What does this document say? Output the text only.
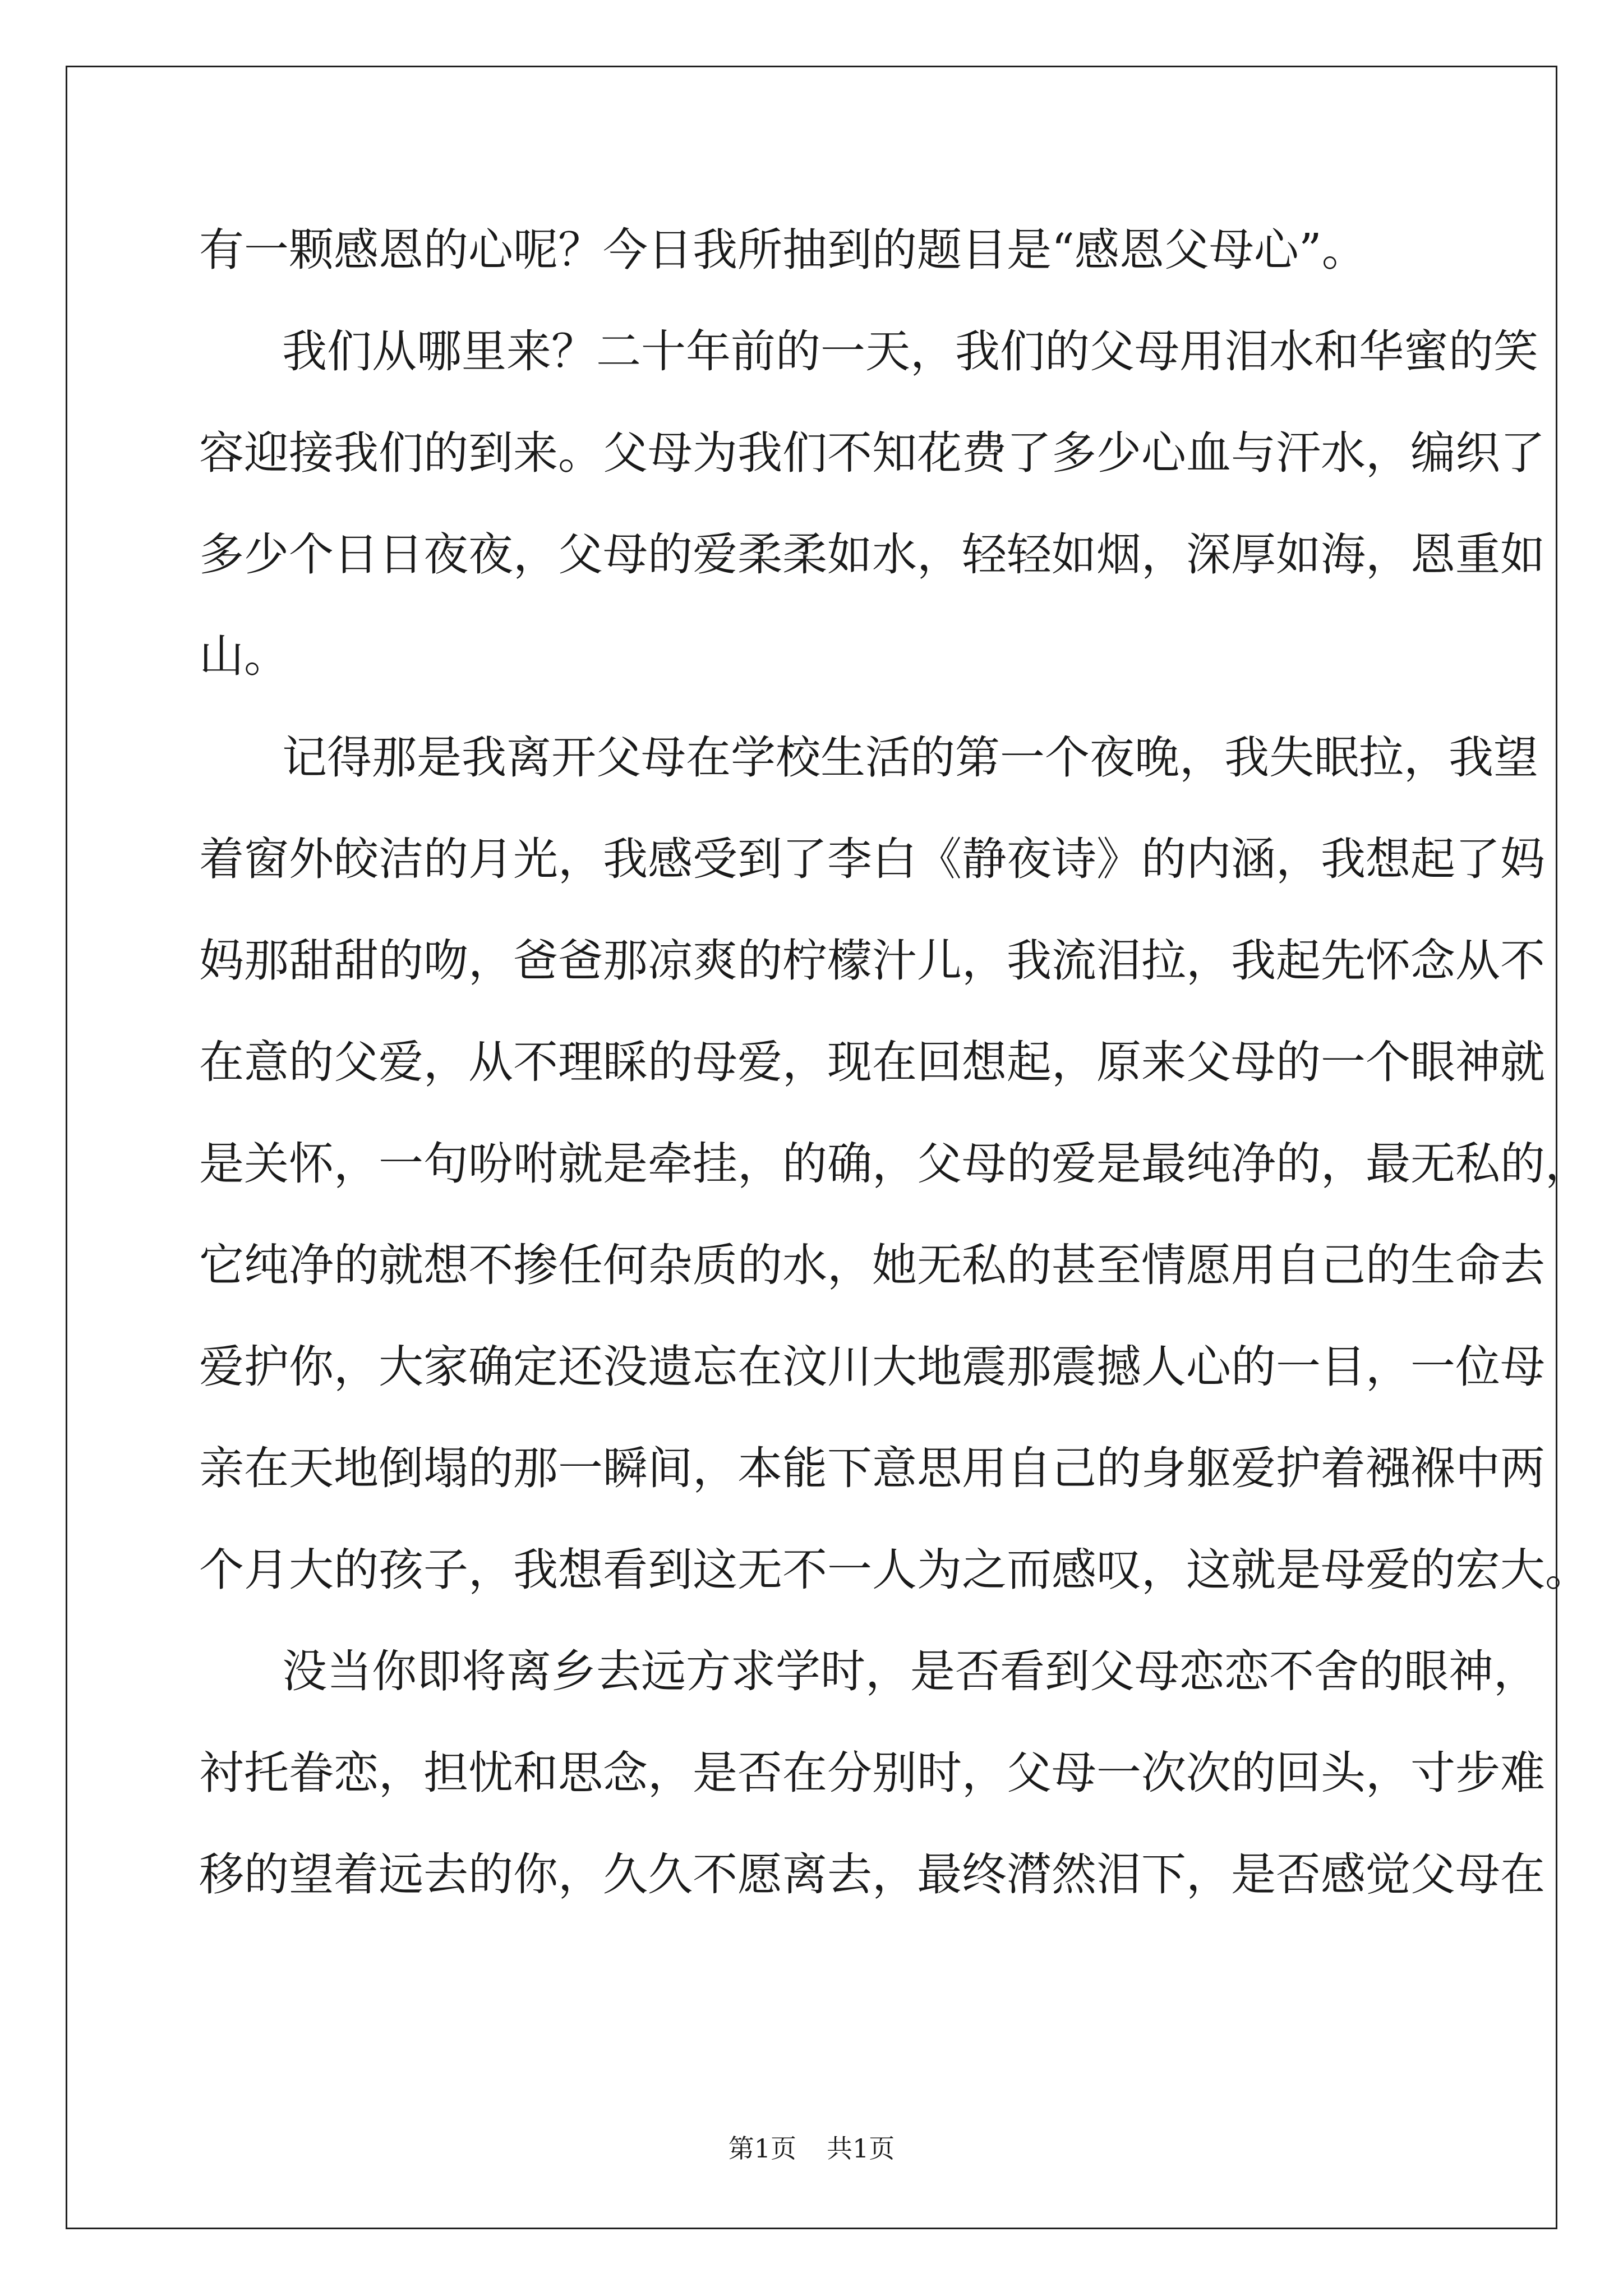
有一颗感恩的心呢？今日我所抽到的题目是“感恩父母心”。
我们从哪里来？二十年前的一天，我们的父母用泪水和华蜜的笑
容迎接我们的到来。父母为我们不知花费了多少心血与汗水，编织了
多少个日日夜夜，父母的爱柔柔如水，轻轻如烟，深厚如海，恩重如
山。
记得那是我离开父母在学校生活的第一个夜晚，我失眠拉，我望
着窗外皎洁的月光，我感受到了李白《静夜诗》的内涵，我想起了妈
妈那甜甜的吻，爸爸那凉爽的柠檬汁儿，我流泪拉，我起先怀念从不
在意的父爱，从不理睬的母爱，现在回想起，原来父母的一个眼神就
是关怀，一句吩咐就是牵挂，的确，父母的爱是最纯净的，最无私的，
它纯净的就想不掺任何杂质的水，她无私的甚至情愿用自己的生命去
爱护你，大家确定还没遗忘在汶川大地震那震撼人心的一目，一位母
亲在天地倒塌的那一瞬间，本能下意思用自己的身躯爱护着襁褓中两
个月大的孩子，我想看到这无不一人为之而感叹，这就是母爱的宏大。
没当你即将离乡去远方求学时，是否看到父母恋恋不舍的眼神，
衬托眷恋，担忧和思念，是否在分别时，父母一次次的回头，寸步难
移的望着远去的你，久久不愿离去，最终潸然泪下，是否感觉父母在
第1页 共1页
